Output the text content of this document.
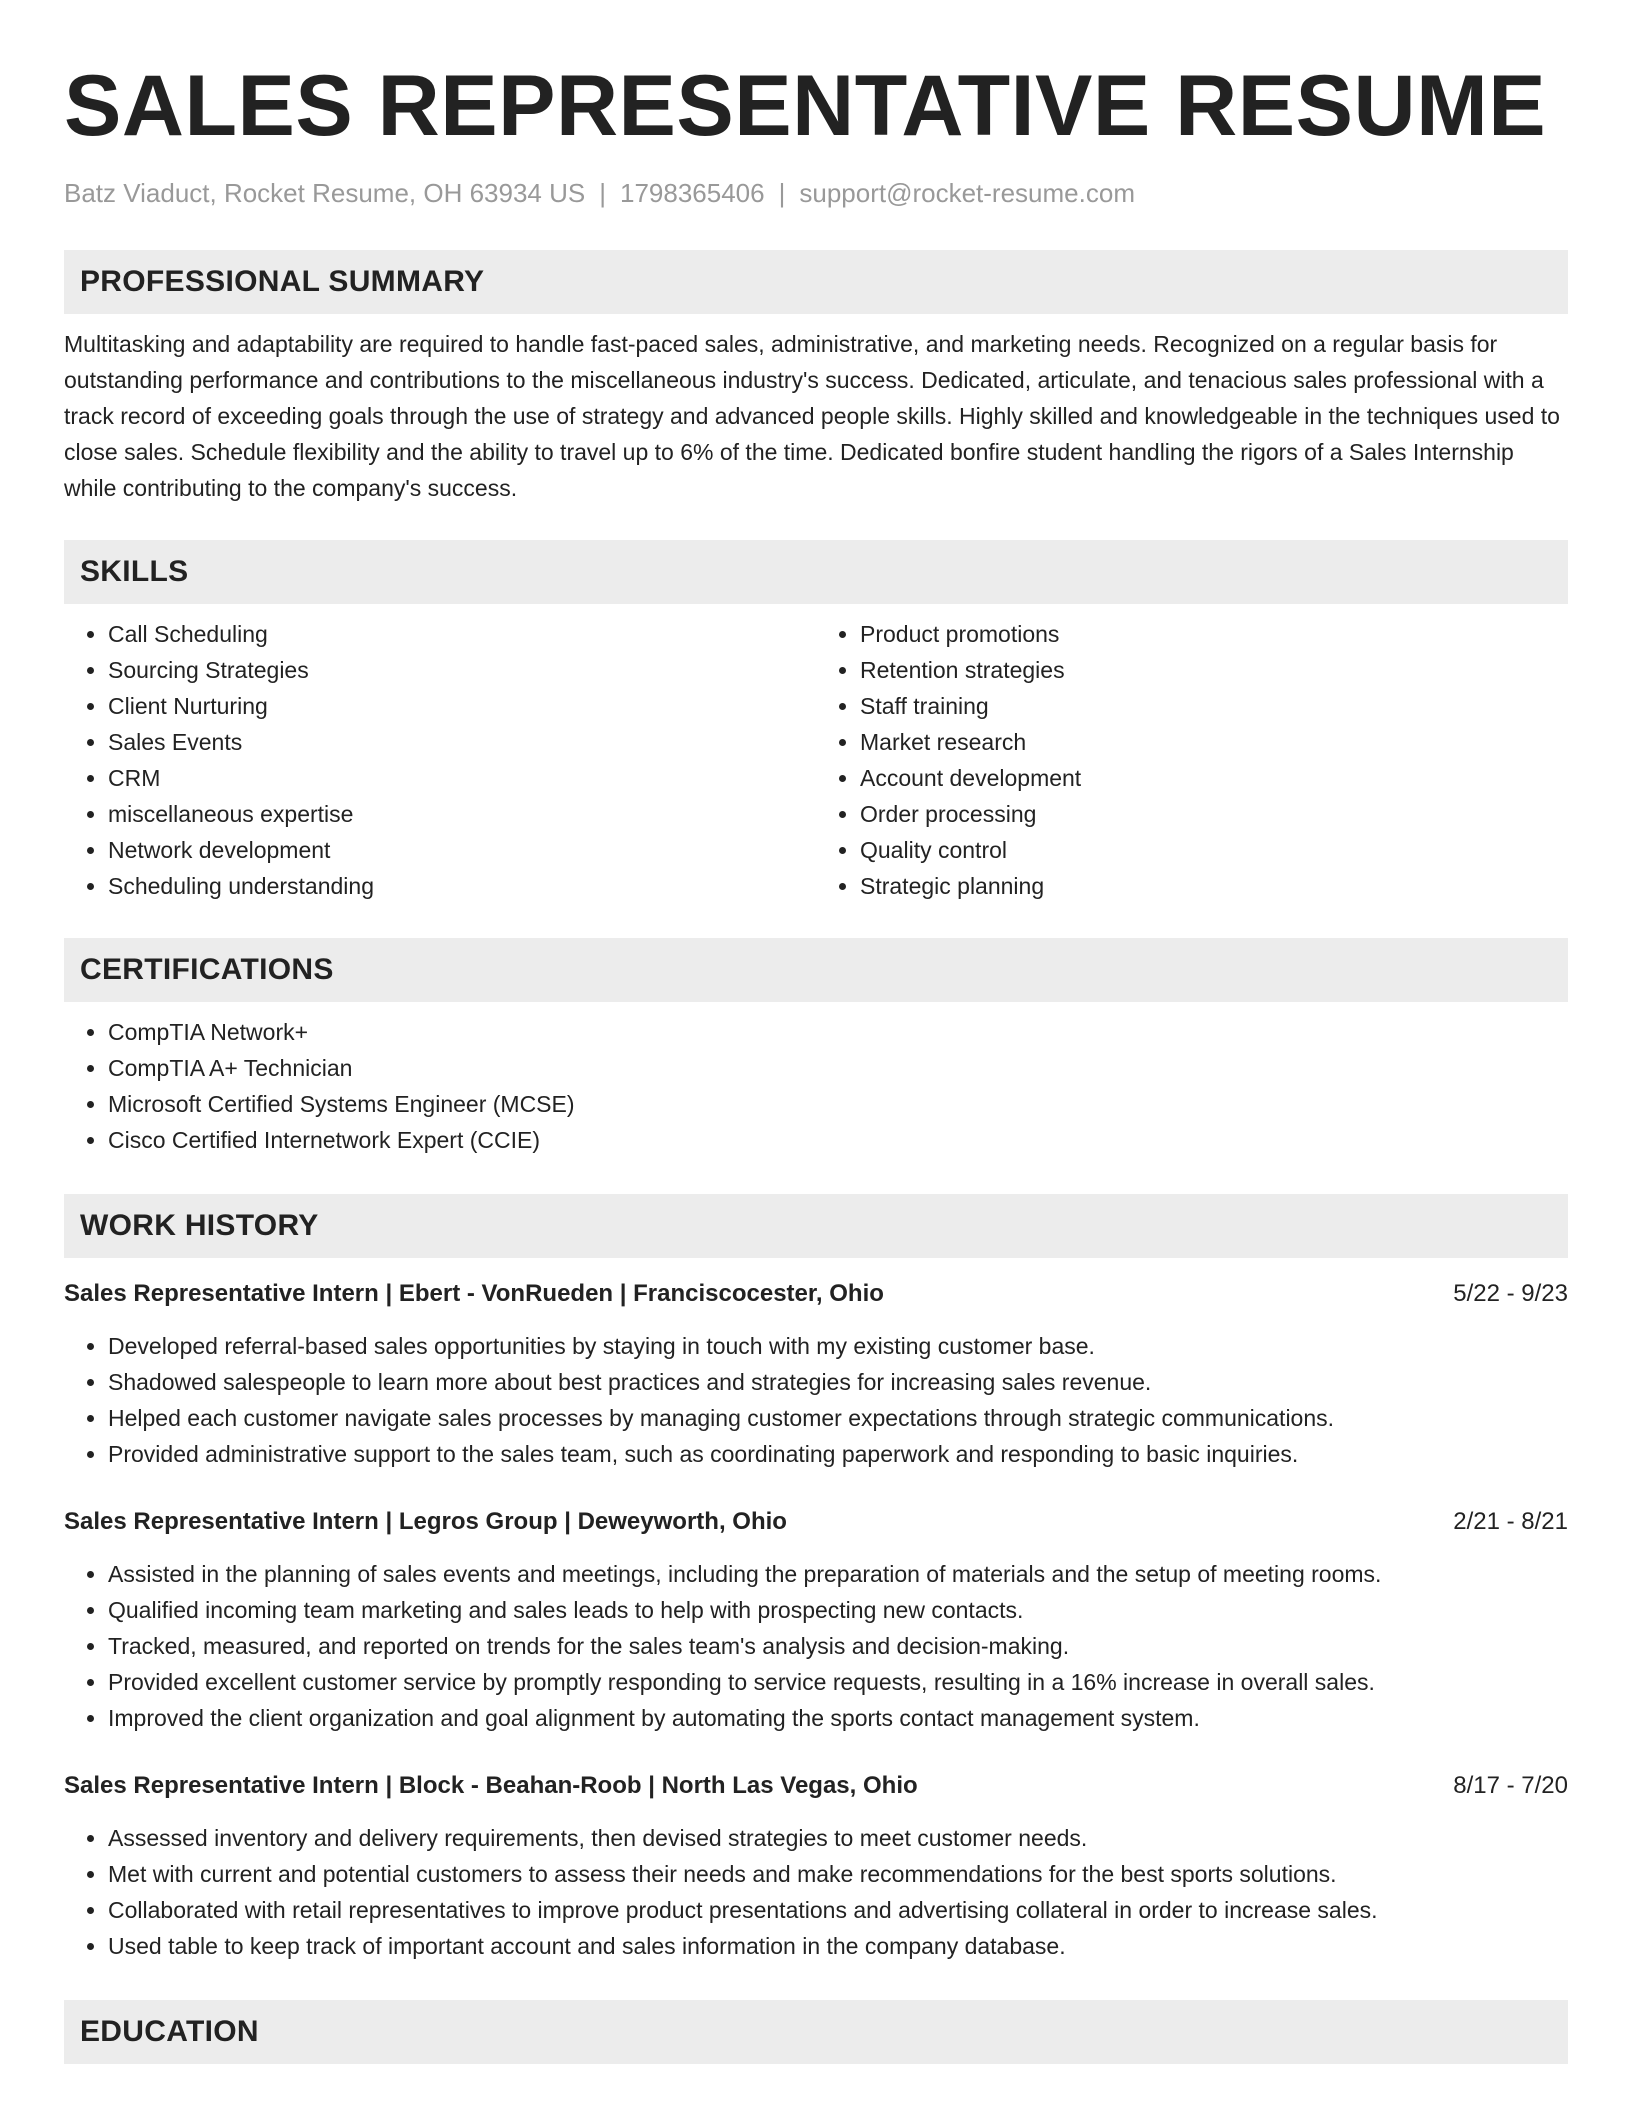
SALES REPRESENTATIVE RESUME
Batz Viaduct, Rocket Resume, OH 63934 US | 1798365406 | support@rocket-resume.com
PROFESSIONAL SUMMARY

Multitasking and adaptability are required to handle fast-paced sales, administrative, and marketing needs. Recognized on a regular basis for outstanding performance and contributions to the miscellaneous industry's success. Dedicated, articulate, and tenacious sales professional with a track record of exceeding goals through the use of strategy and advanced people skills. Highly skilled and knowledgeable in the techniques used to close sales. Schedule flexibility and the ability to travel up to 6% of the time. Dedicated bonfire student handling the rigors of a Sales Internship while contributing to the company's success.

SKILLS
• Call Scheduling
• Sourcing Strategies
• Client Nurturing
• Sales Events
• CRM
• miscellaneous expertise
• Network development
• Scheduling understanding
• Product promotions
• Retention strategies
• Staff training
• Market research
• Account development
• Order processing
• Quality control
• Strategic planning
CERTIFICATIONS
• CompTIA Network+
• CompTIA A+ Technician
• Microsoft Certified Systems Engineer (MCSE)
• Cisco Certified Internetwork Expert (CCIE)
WORK HISTORY
Sales Representative Intern | Ebert - VonRueden | Franciscocester, Ohio	5/22 - 9/23
• Developed referral-based sales opportunities by staying in touch with my existing customer base.
• Shadowed salespeople to learn more about best practices and strategies for increasing sales revenue.
• Helped each customer navigate sales processes by managing customer expectations through strategic communications.
• Provided administrative support to the sales team, such as coordinating paperwork and responding to basic inquiries.
Sales Representative Intern | Legros Group | Deweyworth, Ohio	2/21 - 8/21
• Assisted in the planning of sales events and meetings, including the preparation of materials and the setup of meeting rooms.
• Qualified incoming team marketing and sales leads to help with prospecting new contacts.
• Tracked, measured, and reported on trends for the sales team's analysis and decision-making.
• Provided excellent customer service by promptly responding to service requests, resulting in a 16% increase in overall sales.
• Improved the client organization and goal alignment by automating the sports contact management system.
Sales Representative Intern | Block - Beahan-Roob | North Las Vegas, Ohio	8/17 - 7/20
• Assessed inventory and delivery requirements, then devised strategies to meet customer needs.
• Met with current and potential customers to assess their needs and make recommendations for the best sports solutions.
• Collaborated with retail representatives to improve product presentations and advertising collateral in order to increase sales.
• Used table to keep track of important account and sales information in the company database.
EDUCATION
